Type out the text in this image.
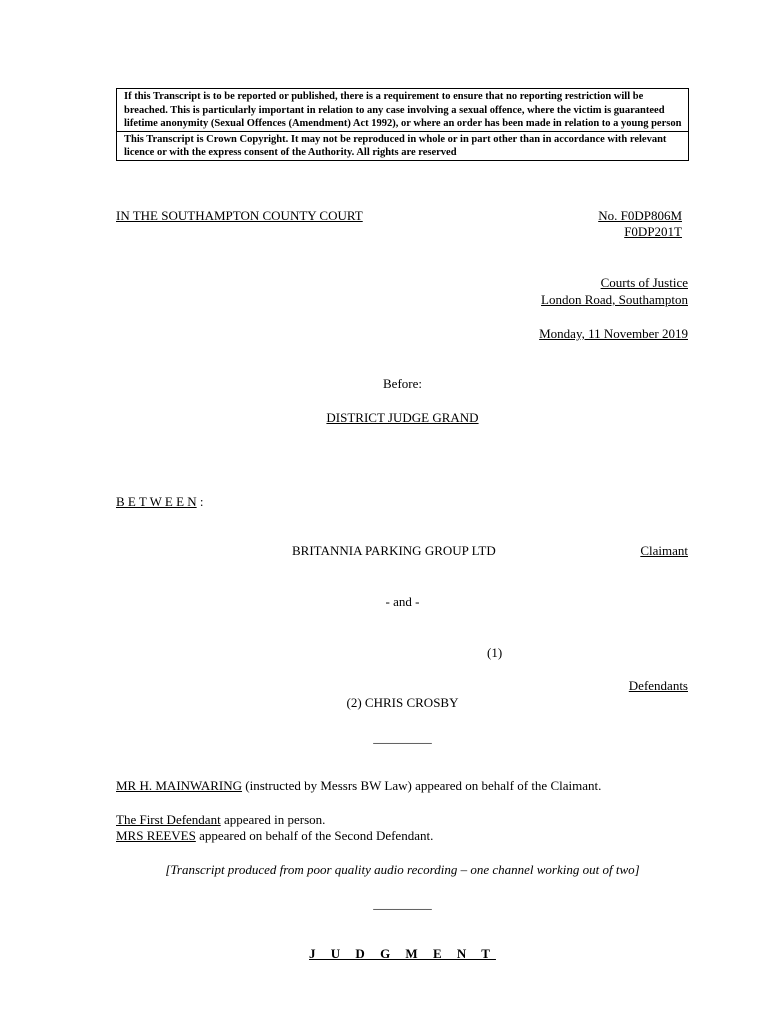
If this Transcript is to be reported or published, there is a requirement to ensure that no reporting restriction will be breached. This is particularly important in relation to any case involving a sexual offence, where the victim is guaranteed lifetime anonymity (Sexual Offences (Amendment) Act 1992), or where an order has been made in relation to a young person
This Transcript is Crown Copyright. It may not be reproduced in whole or in part other than in accordance with relevant licence or with the express consent of the Authority. All rights are reserved
IN THE SOUTHAMPTON COUNTY COURT	No. F0DP806M
F0DP201T
Courts of Justice
London Road, Southampton
Monday, 11 November 2019
Before:
DISTRICT JUDGE GRAND
B E T W E E N :
BRITANNIA PARKING GROUP LTD	Claimant
- and -
(1)
Defendants
(2) CHRIS CROSBY
_________
MR H. MAINWARING (instructed by Messrs BW Law) appeared on behalf of the Claimant.
The First Defendant appeared in person.
MRS REEVES appeared on behalf of the Second Defendant.
[Transcript produced from poor quality audio recording – one channel working out of two]
_________
J U D G M E N T
